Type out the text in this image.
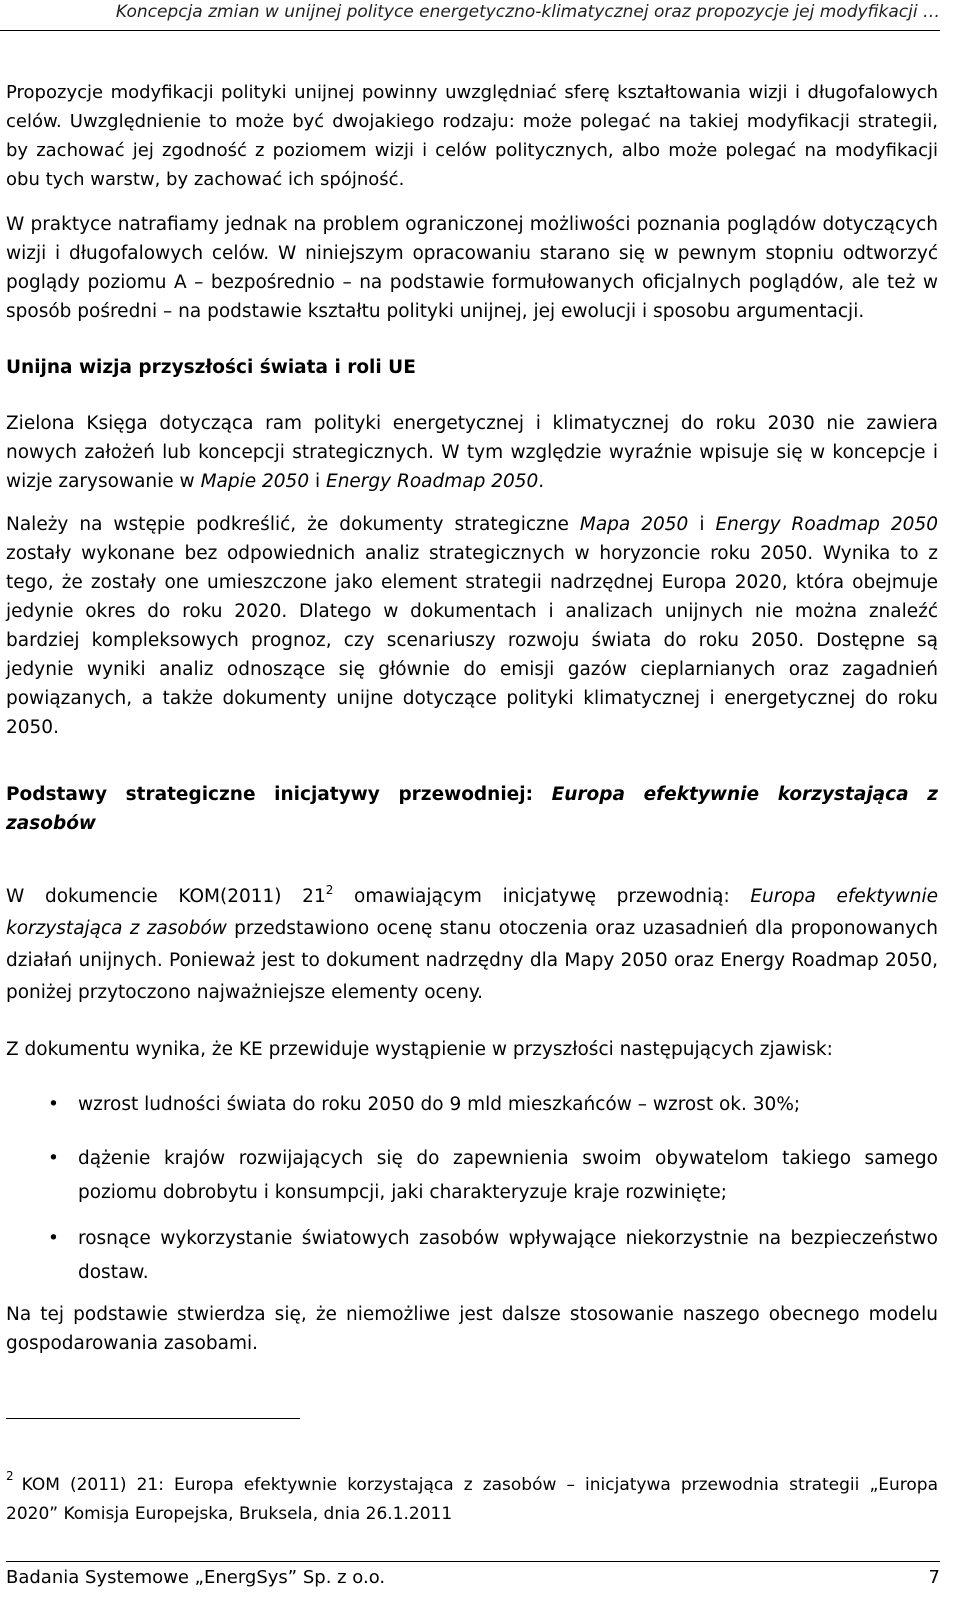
Koncepcja zmian w unijnej polityce energetyczno-klimatycznej oraz propozycje jej modyfikacji …

Propozycje modyfikacji polityki unijnej powinny uwzględniać sferę kształtowania wizji i długofalowych celów. Uwzględnienie to może być dwojakiego rodzaju: może polegać na takiej modyfikacji strategii, by zachować jej zgodność z poziomem wizji i celów politycznych, albo może polegać na modyfikacji obu tych warstw, by zachować ich spójność.

W praktyce natrafiamy jednak na problem ograniczonej możliwości poznania poglądów dotyczących wizji i długofalowych celów. W niniejszym opracowaniu starano się w pewnym stopniu odtworzyć poglądy poziomu A – bezpośrednio – na podstawie formułowanych oficjalnych poglądów, ale też w sposób pośredni – na podstawie kształtu polityki unijnej, jej ewolucji i sposobu argumentacji.

Unijna wizja przyszłości świata i roli UE

Zielona Księga dotycząca ram polityki energetycznej i klimatycznej do roku 2030 nie zawiera nowych założeń lub koncepcji strategicznych. W tym względzie wyraźnie wpisuje się w koncepcje i wizje zarysowanie w Mapie 2050 i Energy Roadmap 2050.

Należy na wstępie podkreślić, że dokumenty strategiczne Mapa 2050 i Energy Roadmap 2050 zostały wykonane bez odpowiednich analiz strategicznych w horyzoncie roku 2050. Wynika to z tego, że zostały one umieszczone jako element strategii nadrzędnej Europa 2020, która obejmuje jedynie okres do roku 2020. Dlatego w dokumentach i analizach unijnych nie można znaleźć bardziej kompleksowych prognoz, czy scenariuszy rozwoju świata do roku 2050. Dostępne są jedynie wyniki analiz odnoszące się głównie do emisji gazów cieplarnianych oraz zagadnień powiązanych, a także dokumenty unijne dotyczące polityki klimatycznej i energetycznej do roku 2050.

Podstawy strategiczne inicjatywy przewodniej: Europa efektywnie korzystająca z zasobów

W dokumencie KOM(2011) 21$^2$ omawiającym inicjatywę przewodnią: Europa efektywnie korzystająca z zasobów przedstawiono ocenę stanu otoczenia oraz uzasadnień dla proponowanych działań unijnych. Ponieważ jest to dokument nadrzędny dla Mapy 2050 oraz Energy Roadmap 2050, poniżej przytoczono najważniejsze elementy oceny.

Z dokumentu wynika, że KE przewiduje wystąpienie w przyszłości następujących zjawisk:

• wzrost ludności świata do roku 2050 do 9 mld mieszkańców – wzrost ok. 30%;
• dążenie krajów rozwijających się do zapewnienia swoim obywatelom takiego samego poziomu dobrobytu i konsumpcji, jaki charakteryzuje kraje rozwinięte;
• rosnące wykorzystanie światowych zasobów wpływające niekorzystnie na bezpieczeństwo dostaw.

Na tej podstawie stwierdza się, że niemożliwe jest dalsze stosowanie naszego obecnego modelu gospodarowania zasobami.

$^2$ KOM (2011) 21: Europa efektywnie korzystająca z zasobów – inicjatywa przewodnia strategii „Europa 2020” Komisja Europejska, Bruksela, dnia 26.1.2011
Badania Systemowe „EnergSys” Sp. z o.o.	7
